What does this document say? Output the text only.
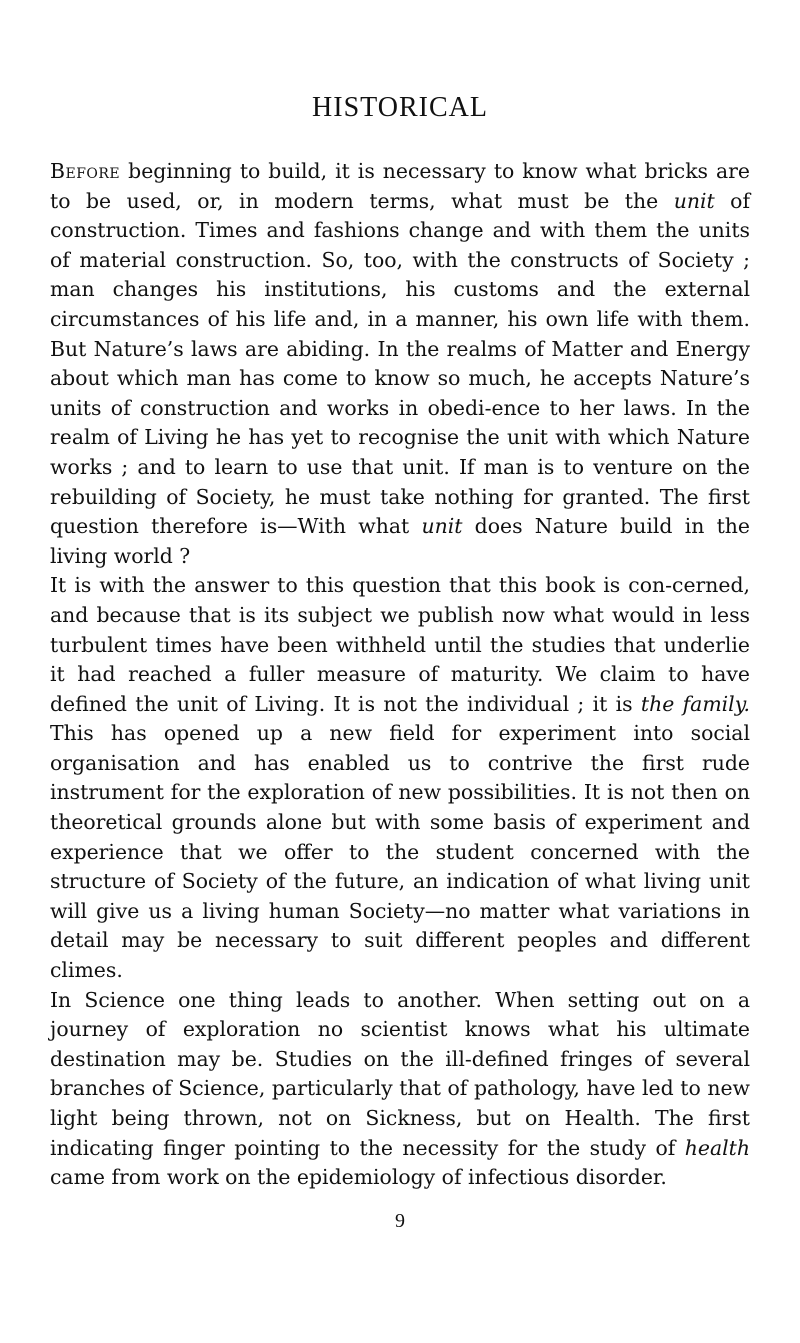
HISTORICAL

Before beginning to build, it is necessary to know what bricks are to be used, or, in modern terms, what must be the unit of construction. Times and fashions change and with them the units of material construction. So, too, with the constructs of Society ; man changes his institutions, his customs and the external circumstances of his life and, in a manner, his own life with them. But Nature’s laws are abiding. In the realms of Matter and Energy about which man has come to know so much, he accepts Nature’s units of construction and works in obedi-ence to her laws. In the realm of Living he has yet to recognise the unit with which Nature works ; and to learn to use that unit. If man is to venture on the rebuilding of Society, he must take nothing for granted. The first question therefore is—With what unit does Nature build in the living world ?

It is with the answer to this question that this book is con-cerned, and because that is its subject we publish now what would in less turbulent times have been withheld until the studies that underlie it had reached a fuller measure of maturity. We claim to have defined the unit of Living. It is not the individual ; it is the family. This has opened up a new field for experiment into social organisation and has enabled us to contrive the first rude instrument for the exploration of new possibilities. It is not then on theoretical grounds alone but with some basis of experiment and experience that we offer to the student concerned with the structure of Society of the future, an indication of what living unit will give us a living human Society—no matter what variations in detail may be necessary to suit different peoples and different climes.

In Science one thing leads to another. When setting out on a journey of exploration no scientist knows what his ultimate destination may be. Studies on the ill-defined fringes of several branches of Science, particularly that of pathology, have led to new light being thrown, not on Sickness, but on Health. The first indicating finger pointing to the necessity for the study of health came from work on the epidemiology of infectious disorder.

9
